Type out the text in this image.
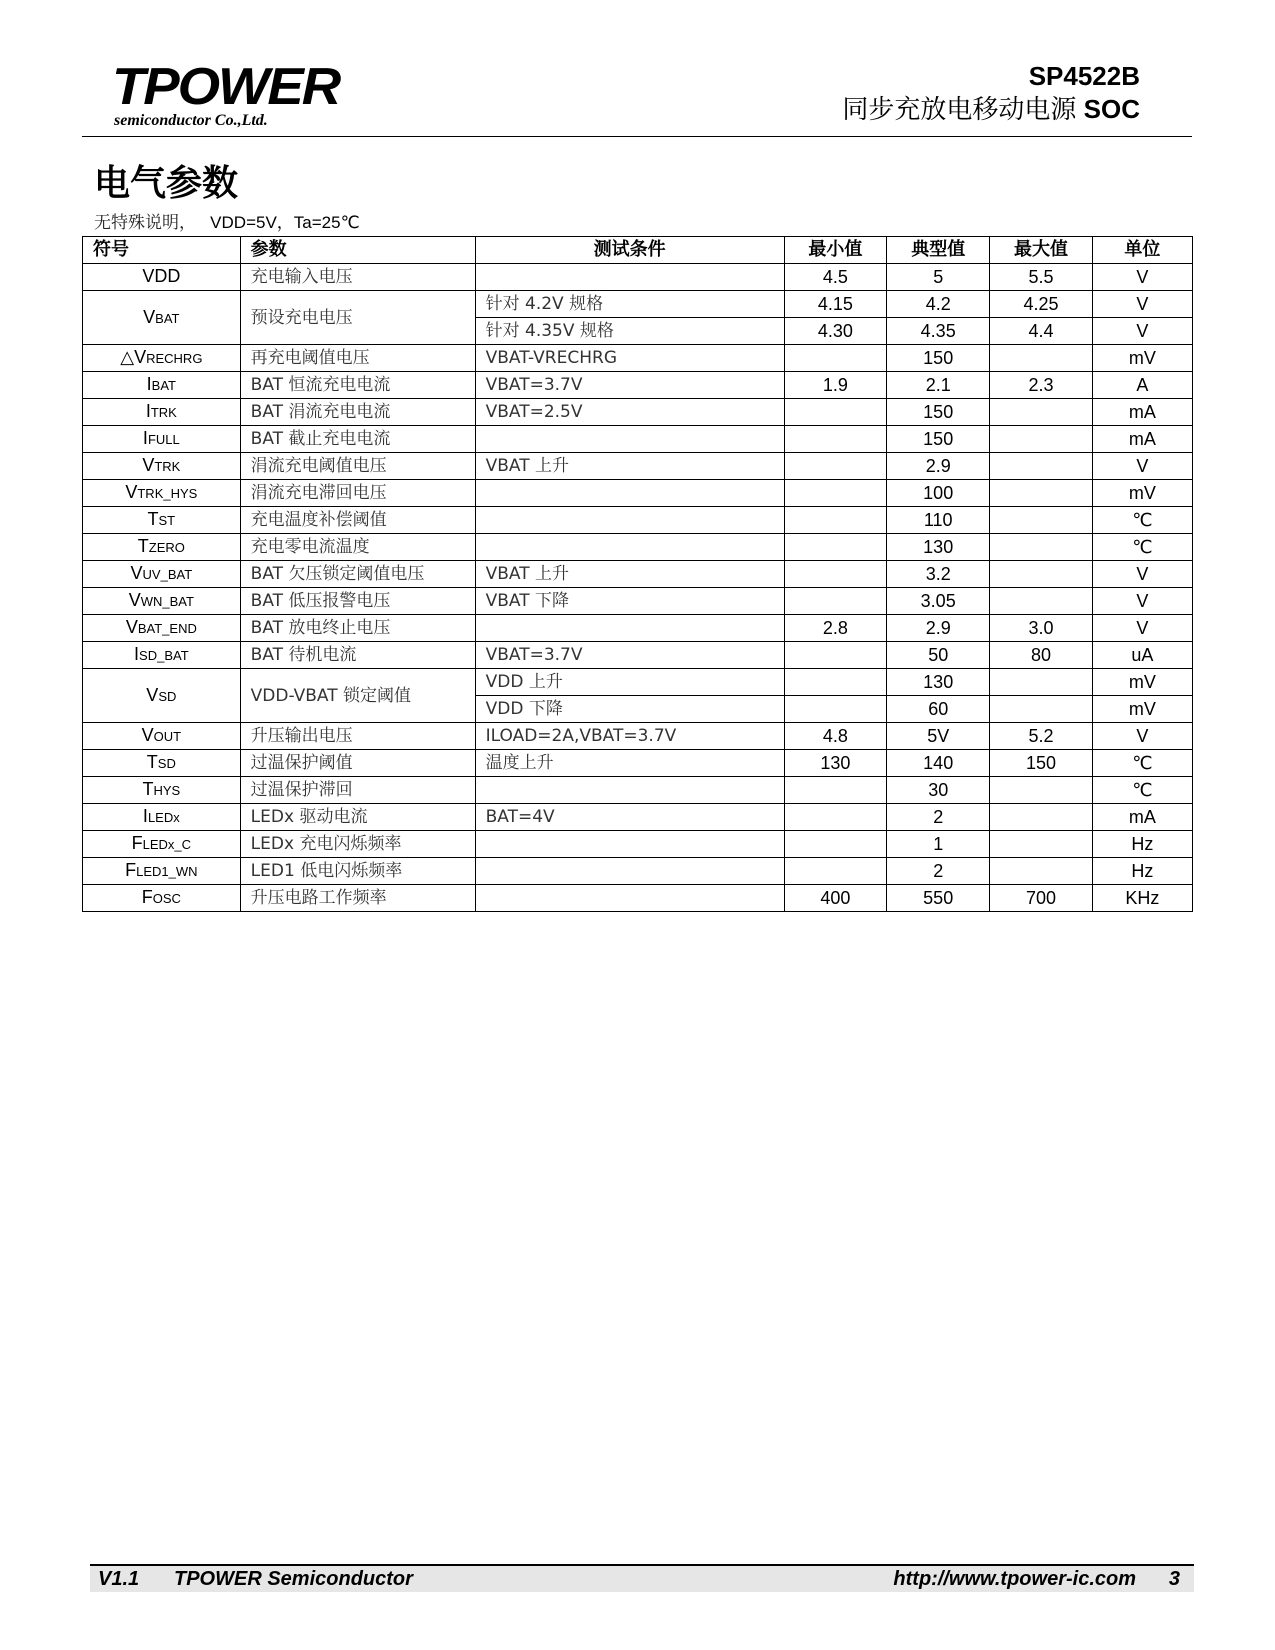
TPOWER
semiconductor Co.,Ltd.
SP4522B
同步充放电移动电源 SOC
电气参数
无特殊说明， VDD=5V，Ta=25℃
符号	参数	测试条件	最小值	典型值	最大值	单位
VDD	充电输入电压		4.5	5	5.5	V
VBAT	预设充电电压	针对 4.2V 规格	4.15	4.2	4.25	V
		针对 4.35V 规格	4.30	4.35	4.4	V
△VRECHRG	再充电阈值电压	VBAT-VRECHRG		150		mV
IBAT	BAT 恒流充电电流	VBAT=3.7V	1.9	2.1	2.3	A
ITRK	BAT 涓流充电电流	VBAT=2.5V		150		mA
IFULL	BAT 截止充电电流			150		mA
VTRK	涓流充电阈值电压	VBAT 上升		2.9		V
VTRK_HYS	涓流充电滞回电压			100		mV
TST	充电温度补偿阈值			110		℃
TZERO	充电零电流温度			130		℃
VUV_BAT	BAT 欠压锁定阈值电压	VBAT 上升		3.2		V
VWN_BAT	BAT 低压报警电压	VBAT 下降		3.05		V
VBAT_END	BAT 放电终止电压		2.8	2.9	3.0	V
ISD_BAT	BAT 待机电流	VBAT=3.7V		50	80	uA
VSD	VDD-VBAT 锁定阈值	VDD 上升		130		mV
		VDD 下降		60		mV
VOUT	升压输出电压	ILOAD=2A,VBAT=3.7V	4.8	5V	5.2	V
TSD	过温保护阈值	温度上升	130	140	150	℃
THYS	过温保护滞回			30		℃
ILEDx	LEDx 驱动电流	BAT=4V		2		mA
FLEDx_C	LEDx 充电闪烁频率			1		Hz
FLED1_WN	LED1 低电闪烁频率			2		Hz
FOSC	升压电路工作频率		400	550	700	KHz
V1.1 TPOWER Semiconductor	http://www.tpower-ic.com 3
